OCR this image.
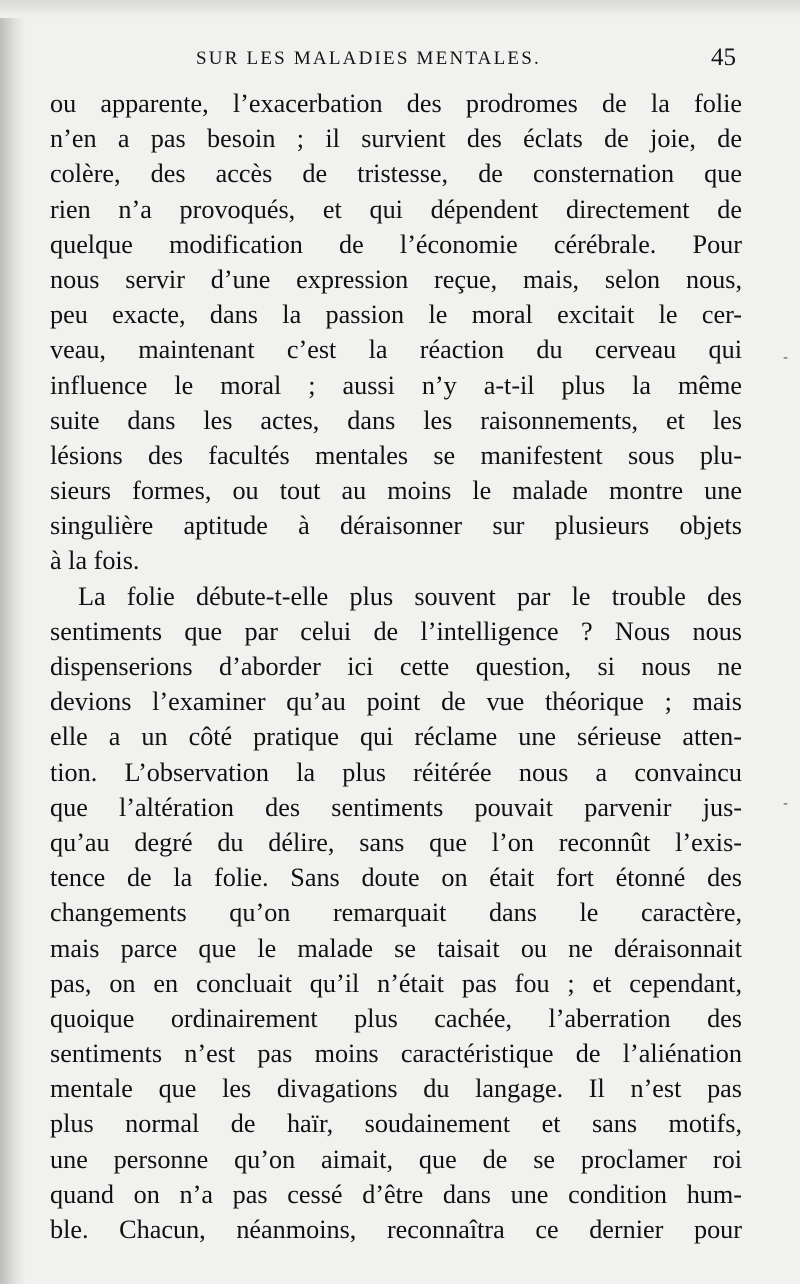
SUR LES MALADIES MENTALES.	45

ou apparente, l’exacerbation des prodromes de la folie
n’en a pas besoin ; il survient des éclats de joie, de
colère, des accès de tristesse, de consternation que
rien n’a provoqués, et qui dépendent directement de
quelque modification de l’économie cérébrale. Pour
nous servir d’une expression reçue, mais, selon nous,
peu exacte, dans la passion le moral excitait le cer-
veau, maintenant c’est la réaction du cerveau qui
influence le moral ; aussi n’y a-t-il plus la même
suite dans les actes, dans les raisonnements, et les
lésions des facultés mentales se manifestent sous plu-
sieurs formes, ou tout au moins le malade montre une
singulière aptitude à déraisonner sur plusieurs objets
à la fois.

La folie débute-t-elle plus souvent par le trouble des
sentiments que par celui de l’intelligence ? Nous nous
dispenserions d’aborder ici cette question, si nous ne
devions l’examiner qu’au point de vue théorique ; mais
elle a un côté pratique qui réclame une sérieuse atten-
tion. L’observation la plus réitérée nous a convaincu
que l’altération des sentiments pouvait parvenir jus-
qu’au degré du délire, sans que l’on reconnût l’exis-
tence de la folie. Sans doute on était fort étonné des
changements qu’on remarquait dans le caractère,
mais parce que le malade se taisait ou ne déraisonnait
pas, on en concluait qu’il n’était pas fou ; et cependant,
quoique ordinairement plus cachée, l’aberration des
sentiments n’est pas moins caractéristique de l’aliénation
mentale que les divagations du langage. Il n’est pas
plus normal de haïr, soudainement et sans motifs,
une personne qu’on aimait, que de se proclamer roi
quand on n’a pas cessé d’être dans une condition hum-
ble. Chacun, néanmoins, reconnaîtra ce dernier pour

-
-
